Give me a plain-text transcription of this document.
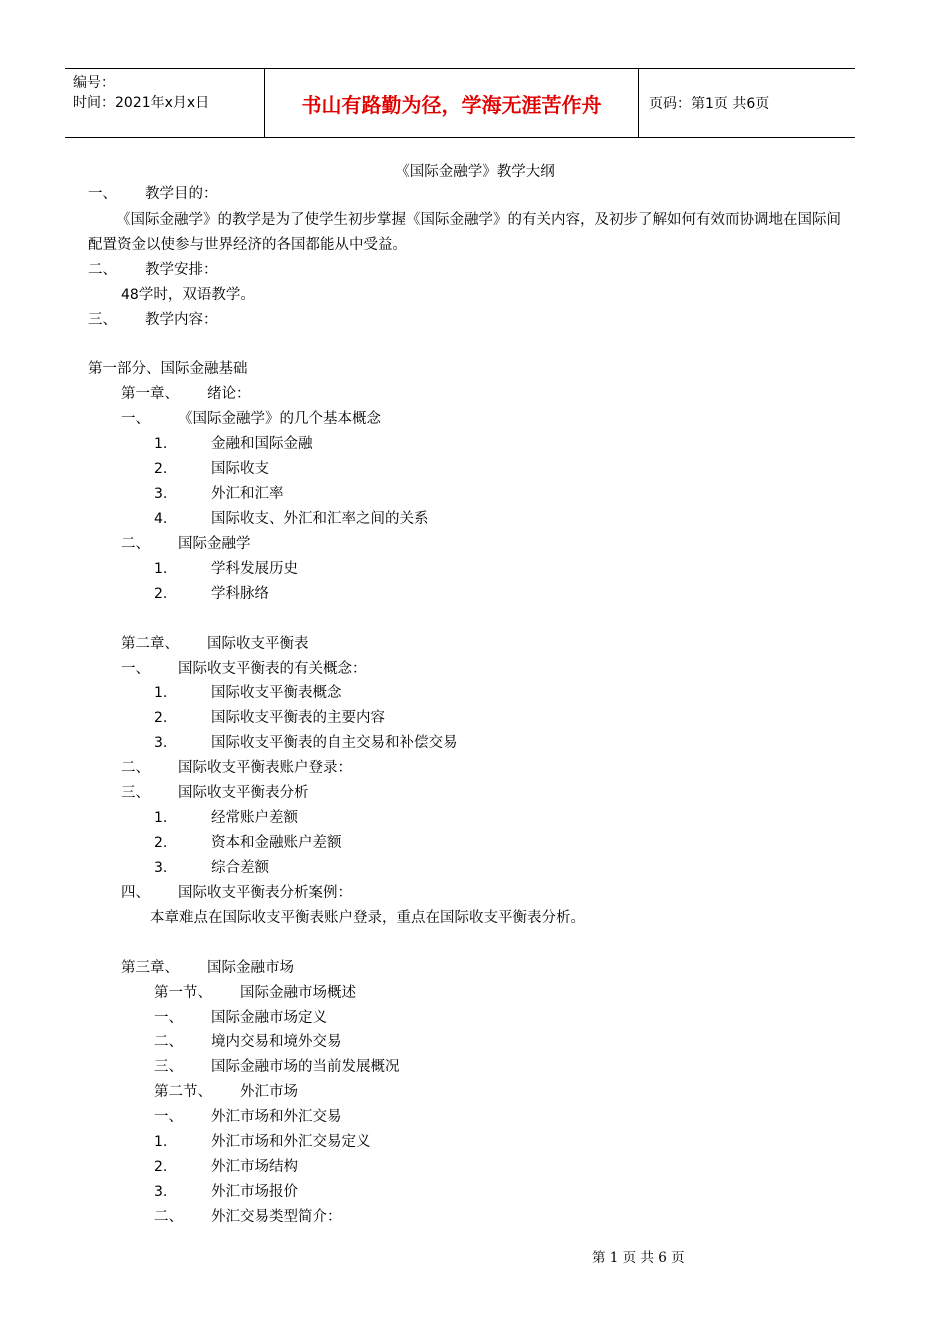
编号：
时间：2021年x月x日	书山有路勤为径，学海无涯苦作舟	页码：第1页 共6页
《国际金融学》教学大纲
一、 教学目的：
《国际金融学》的教学是为了使学生初步掌握《国际金融学》的有关内容，及初步了解如何有效而协调地在国际间配置资金以使参与世界经济的各国都能从中受益。
二、 教学安排：
48学时，双语教学。
三、 教学内容：
第一部分、国际金融基础
第一章、 绪论：
一、 《国际金融学》的几个基本概念
1.	金融和国际金融
2.	国际收支
3.	外汇和汇率
4.	国际收支、外汇和汇率之间的关系
二、 国际金融学
1.	学科发展历史
2.	学科脉络
第二章、 国际收支平衡表
一、 国际收支平衡表的有关概念：
1.	国际收支平衡表概念
2.	国际收支平衡表的主要内容
3.	国际收支平衡表的自主交易和补偿交易
二、 国际收支平衡表账户登录：
三、 国际收支平衡表分析
1.	经常账户差额
2.	资本和金融账户差额
3.	综合差额
四、 国际收支平衡表分析案例：
本章难点在国际收支平衡表账户登录，重点在国际收支平衡表分析。
第三章、 国际金融市场
第一节、 国际金融市场概述
一、 国际金融市场定义
二、 境内交易和境外交易
三、 国际金融市场的当前发展概况
第二节、 外汇市场
一、 外汇市场和外汇交易
1.	外汇市场和外汇交易定义
2.	外汇市场结构
3.	外汇市场报价
二、 外汇交易类型简介：
第 1 页 共 6 页
